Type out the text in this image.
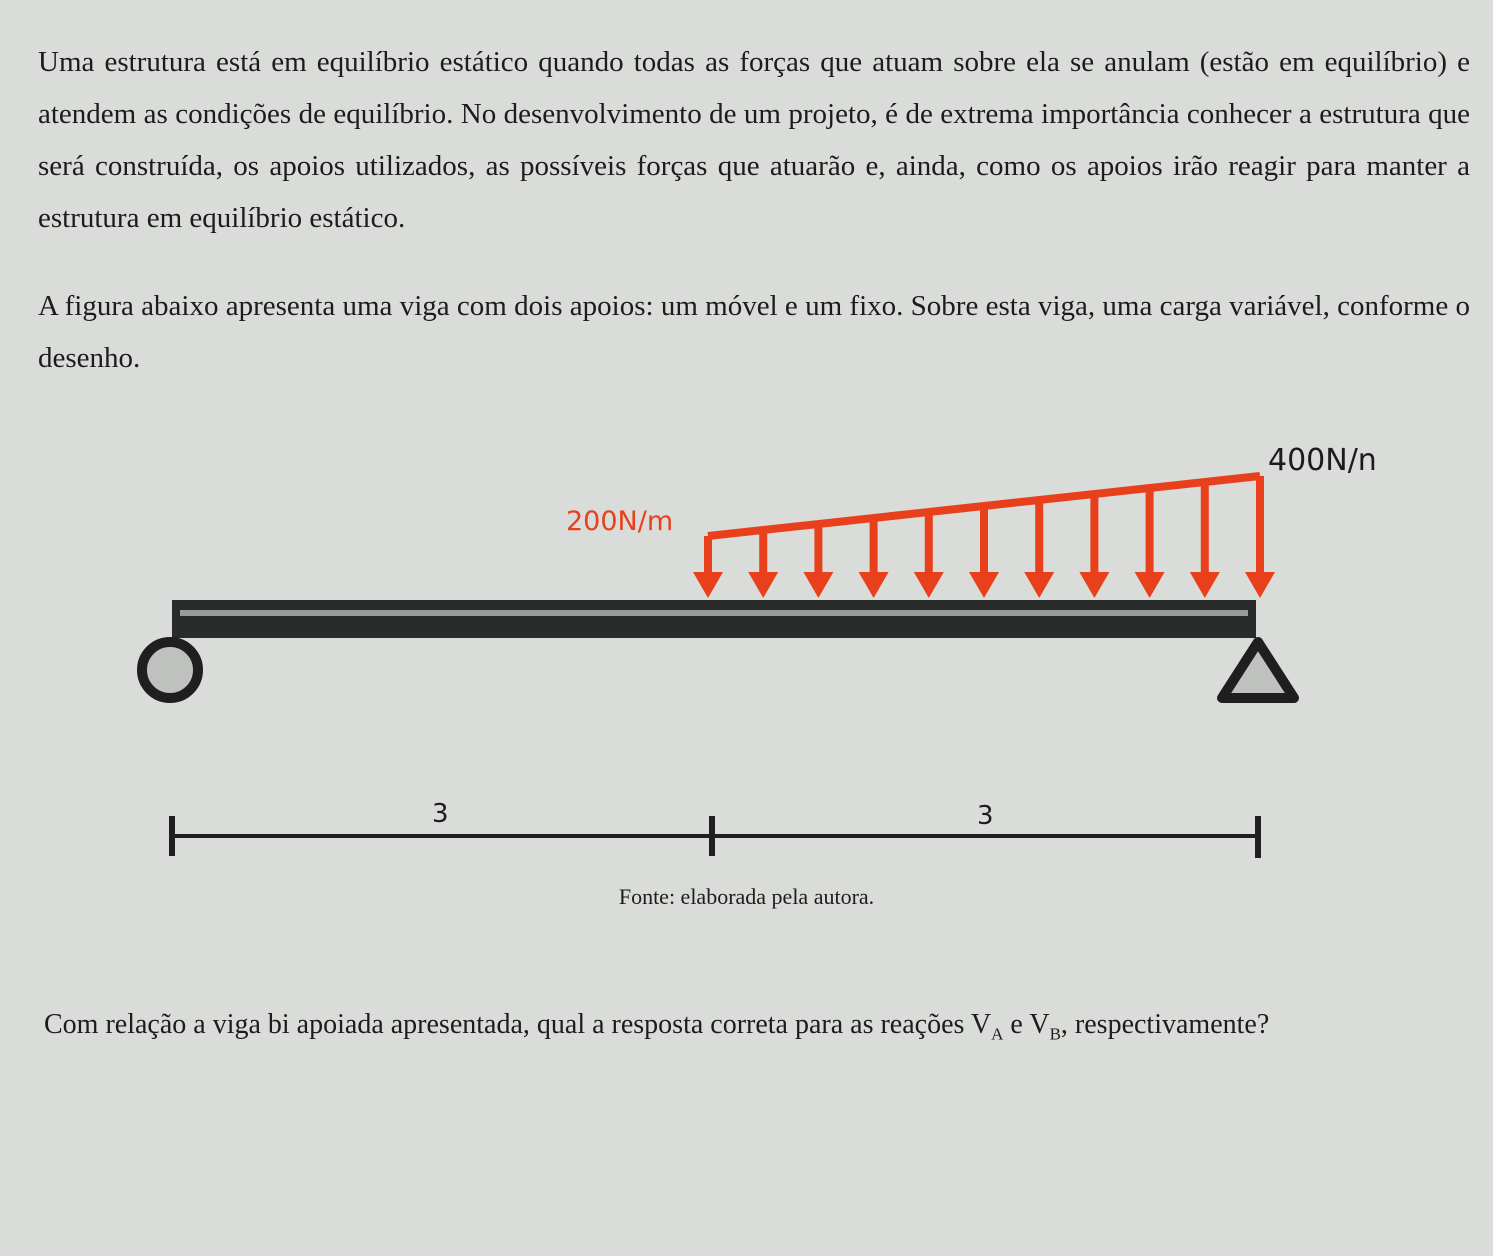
Uma estrutura está em equilíbrio estático quando todas as forças que atuam sobre ela se anulam (estão em equilíbrio) e atendem as condições de equilíbrio. No desenvolvimento de um projeto, é de extrema importância conhecer a estrutura que será construída, os apoios utilizados, as possíveis forças que atuarão e, ainda, como os apoios irão reagir para manter a estrutura em equilíbrio estático.

A figura abaixo apresenta uma viga com dois apoios: um móvel e um fixo. Sobre esta viga, uma carga variável, conforme o desenho.

200N/m
400N/n
3	3
Fonte: elaborada pela autora.

Com relação a viga bi apoiada apresentada, qual a resposta correta para as reações $V_A$ e $V_B$, respectivamente?
